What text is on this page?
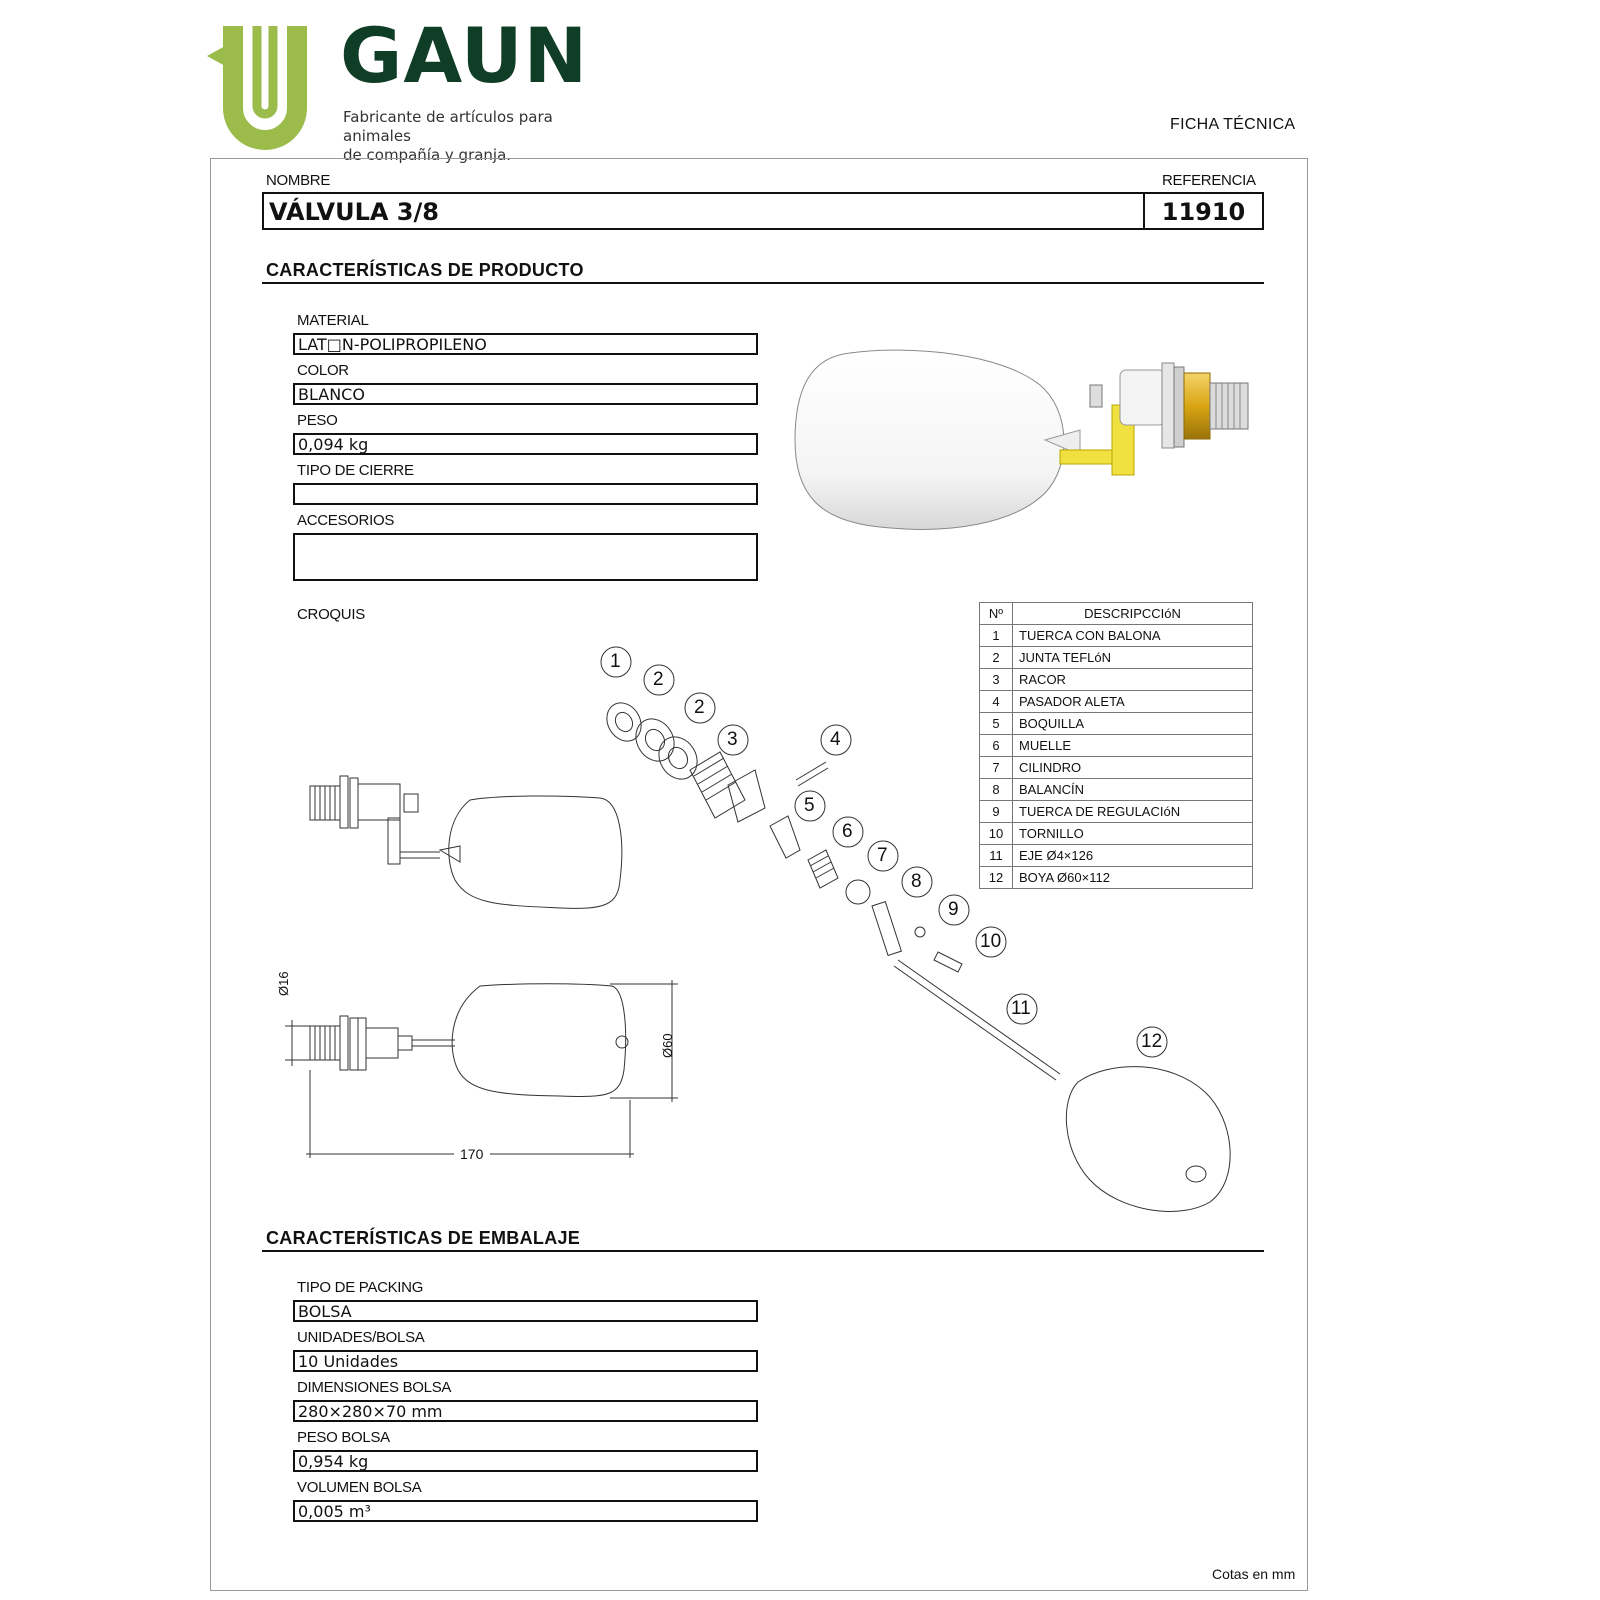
GAUN
Fabricante de artículos para animales
de compañía y granja.
FICHA TÉCNICA
NOMBRE	REFERENCIA
VÁLVULA 3/8	11910
CARACTERÍSTICAS DE PRODUCTO
MATERIAL
LAT□N-POLIPROPILENO
COLOR
BLANCO
PESO
0,094 kg
TIPO DE CIERRE
ACCESORIOS
CROQUIS
1
2
2
3	4
5
6
7
8
9
10
11
12
Ø16
Ø60
170
Nº	DESCRIPCCIóN
1	TUERCA CON BALONA
2	JUNTA TEFLóN
3	RACOR
4	PASADOR ALETA
5	BOQUILLA
6	MUELLE
7	CILINDRO
8	BALANCÍN
9	TUERCA DE REGULACIóN
10	TORNILLO
11	EJE Ø4×126
12	BOYA Ø60×112
CARACTERÍSTICAS DE EMBALAJE
TIPO DE PACKING
BOLSA
UNIDADES/BOLSA
10 Unidades
DIMENSIONES BOLSA
280×280×70 mm
PESO BOLSA
0,954 kg
VOLUMEN BOLSA
0,005 m³
Cotas en mm
